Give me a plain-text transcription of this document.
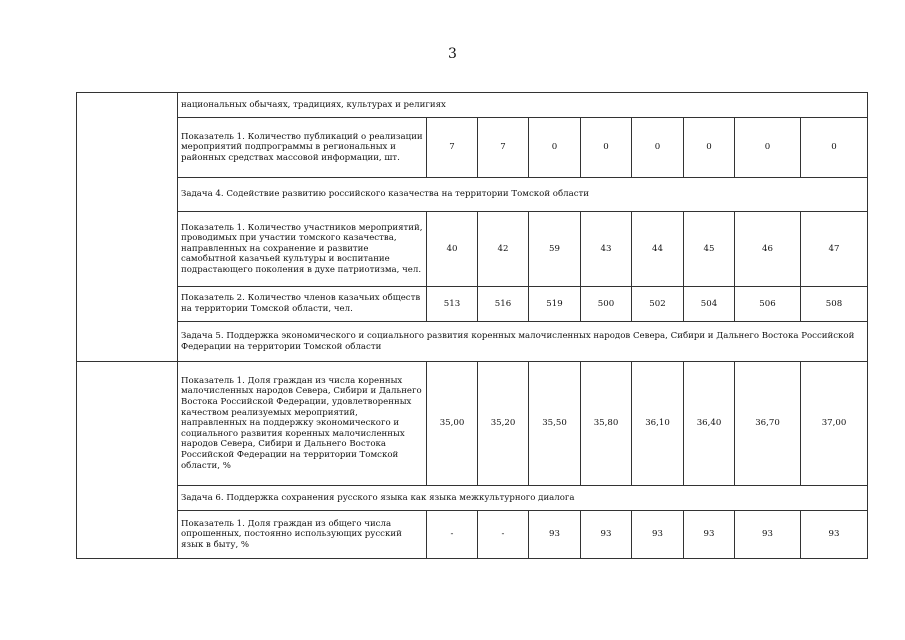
3
	национальных обычаях, традициях, культурах и религиях								
	Показатель 1. Количество публикаций о реализации мероприятий подпрограммы в региональных и районных средствах массовой информации, шт.	7	7	0	0	0	0	0	0
	Задача 4. Содействие развитию российского казачества на территории Томской области								
	Показатель 1. Количество участников мероприятий, проводимых при участии томского казачества, направленных на сохранение и развитие самобытной казачьей культуры и воспитание подрастающего поколения в духе патриотизма, чел.	40	42	59	43	44	45	46	47
	Показатель 2. Количество членов казачьих обществ на территории Томской области, чел.	513	516	519	500	502	504	506	508
	Задача 5. Поддержка экономического и социального развития коренных малочисленных народов Севера, Сибири и Дальнего Востока Российской Федерации на территории Томской области								
	Показатель 1. Доля граждан из числа коренных малочисленных народов Севера, Сибири и Дальнего Востока Российской Федерации, удовлетворенных качеством реализуемых мероприятий, направленных на поддержку экономического и социального развития коренных малочисленных народов Севера, Сибири и Дальнего Востока Российской Федерации на территории Томской области, %	35,00	35,20	35,50	35,80	36,10	36,40	36,70	37,00
	Задача 6. Поддержка сохранения русского языка как языка межкультурного диалога								
	Показатель 1. Доля граждан из общего числа опрошенных, постоянно использующих русский язык в быту, %	-	-	93	93	93	93	93	93
